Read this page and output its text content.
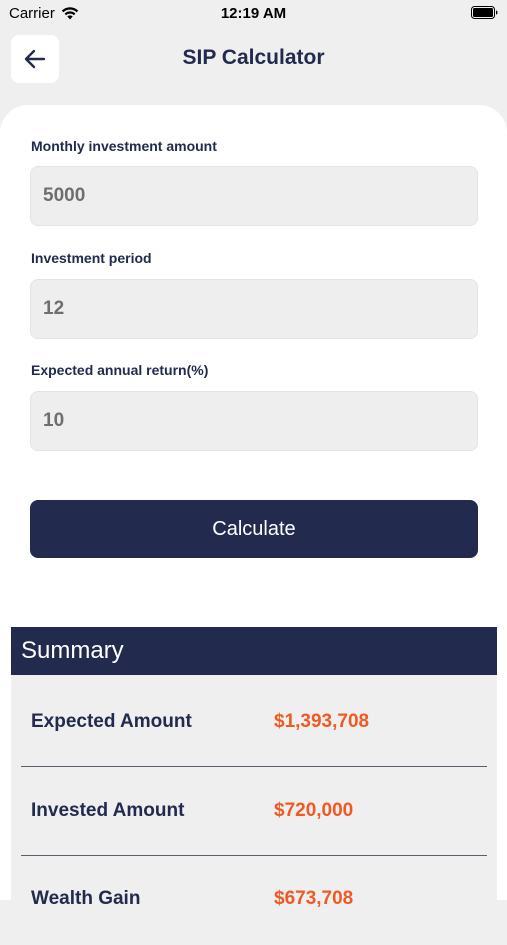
Carrier	12:19 AM
SIP Calculator
Monthly investment amount
5000
Investment period
12
Expected annual return(%)
10
Calculate
Summary
Expected Amount	$1,393,708
Invested Amount	$720,000
Wealth Gain	$673,708
